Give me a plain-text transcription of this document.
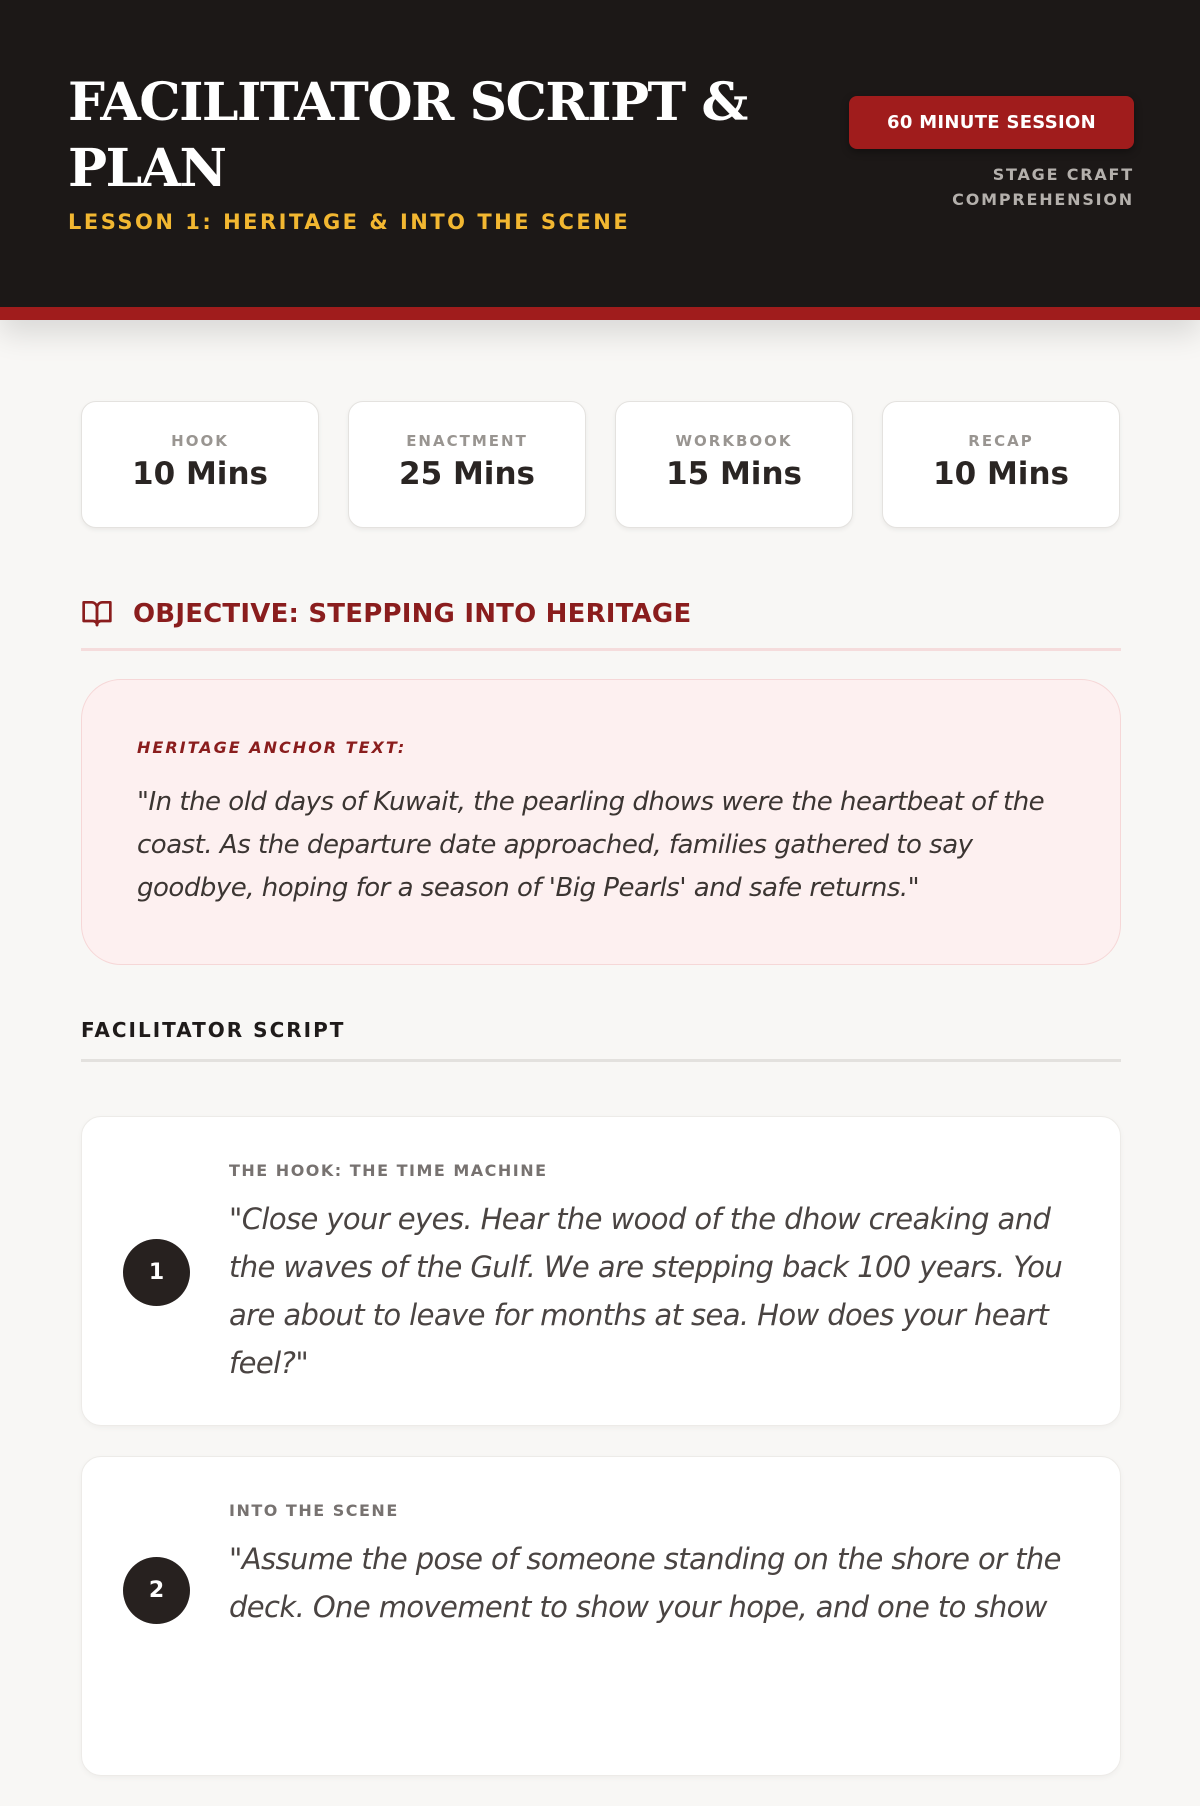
FACILITATOR SCRIPT & PLAN
LESSON 1: HERITAGE & INTO THE SCENE
60 MINUTE SESSION
STAGE CRAFT
COMPREHENSION
HOOK
10 Mins
ENACTMENT
25 Mins
WORKBOOK
15 Mins
RECAP
10 Mins
OBJECTIVE: STEPPING INTO HERITAGE
HERITAGE ANCHOR TEXT:

"In the old days of Kuwait, the pearling dhows were the heartbeat of the coast. As the departure date approached, families gathered to say goodbye, hoping for a season of 'Big Pearls' and safe returns."

FACILITATOR SCRIPT
1
THE HOOK: THE TIME MACHINE

"Close your eyes. Hear the wood of the dhow creaking and the waves of the Gulf. We are stepping back 100 years. You are about to leave for months at sea. How does your heart feel?"

2
INTO THE SCENE

"Assume the pose of someone standing on the shore or the deck. One movement to show your hope, and one to show
